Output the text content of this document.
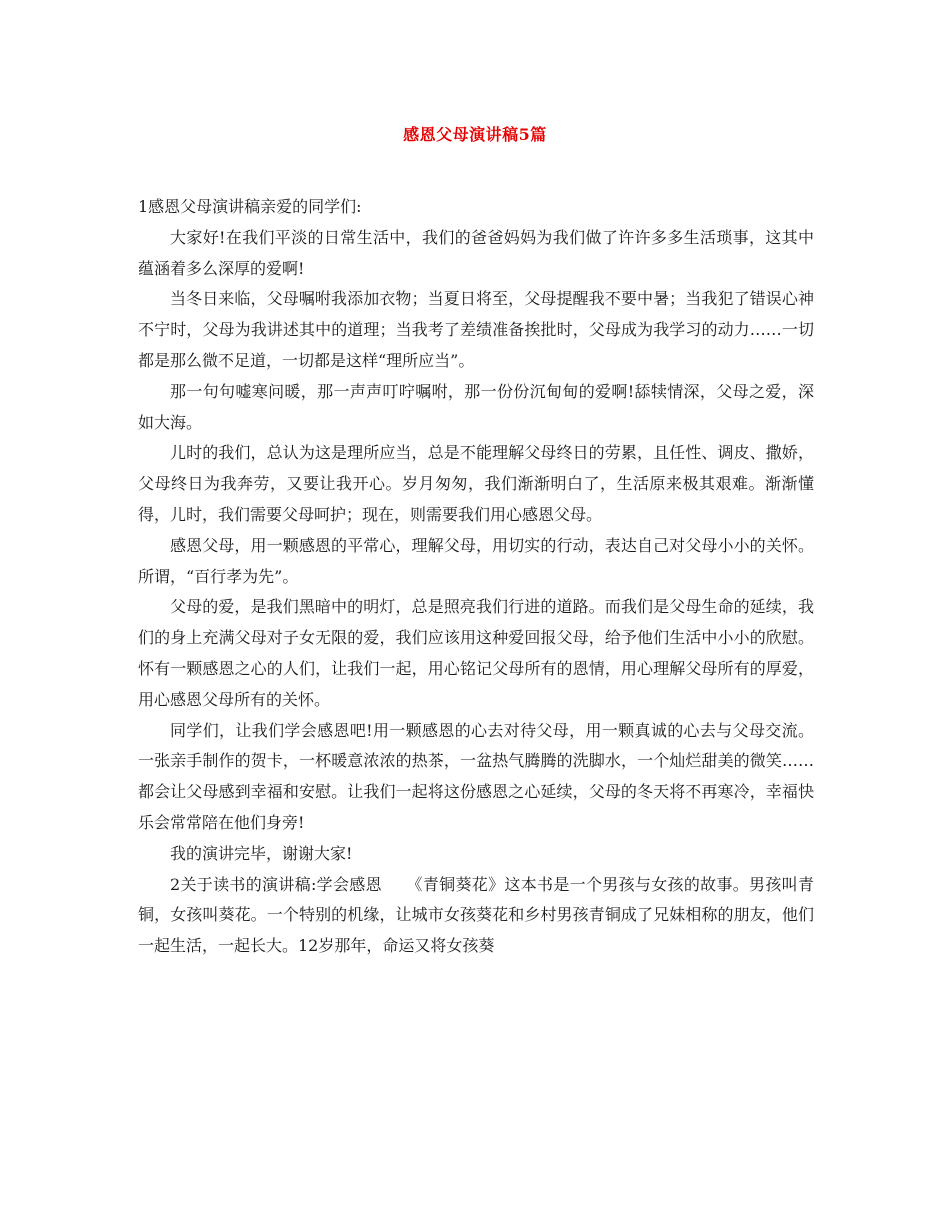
感恩父母演讲稿5篇

1感恩父母演讲稿亲爱的同学们:

大家好!在我们平淡的日常生活中，我们的爸爸妈妈为我们做了许许多多生活琐事，这其中蕴涵着多么深厚的爱啊!

当冬日来临，父母嘱咐我添加衣物；当夏日将至，父母提醒我不要中暑；当我犯了错误心神不宁时，父母为我讲述其中的道理；当我考了差绩准备挨批时，父母成为我学习的动力……一切都是那么微不足道，一切都是这样“理所应当”。

那一句句嘘寒问暖，那一声声叮咛嘱咐，那一份份沉甸甸的爱啊!舔犊情深，父母之爱，深如大海。

儿时的我们，总认为这是理所应当，总是不能理解父母终日的劳累，且任性、调皮、撒娇，父母终日为我奔劳，又要让我开心。岁月匆匆，我们渐渐明白了，生活原来极其艰难。渐渐懂得，儿时，我们需要父母呵护；现在，则需要我们用心感恩父母。

感恩父母，用一颗感恩的平常心，理解父母，用切实的行动，表达自己对父母小小的关怀。所谓，“百行孝为先”。

父母的爱，是我们黑暗中的明灯，总是照亮我们行进的道路。而我们是父母生命的延续，我们的身上充满父母对子女无限的爱，我们应该用这种爱回报父母，给予他们生活中小小的欣慰。怀有一颗感恩之心的人们，让我们一起，用心铭记父母所有的恩情，用心理解父母所有的厚爱，用心感恩父母所有的关怀。

同学们，让我们学会感恩吧!用一颗感恩的心去对待父母，用一颗真诚的心去与父母交流。一张亲手制作的贺卡，一杯暖意浓浓的热茶，一盆热气腾腾的洗脚水，一个灿烂甜美的微笑……都会让父母感到幸福和安慰。让我们一起将这份感恩之心延续，父母的冬天将不再寒冷，幸福快乐会常常陪在他们身旁!

我的演讲完毕，谢谢大家!

2关于读书的演讲稿:学会感恩　　《青铜葵花》这本书是一个男孩与女孩的故事。男孩叫青铜，女孩叫葵花。一个特别的机缘，让城市女孩葵花和乡村男孩青铜成了兄妹相称的朋友，他们一起生活，一起长大。12岁那年，命运又将女孩葵
